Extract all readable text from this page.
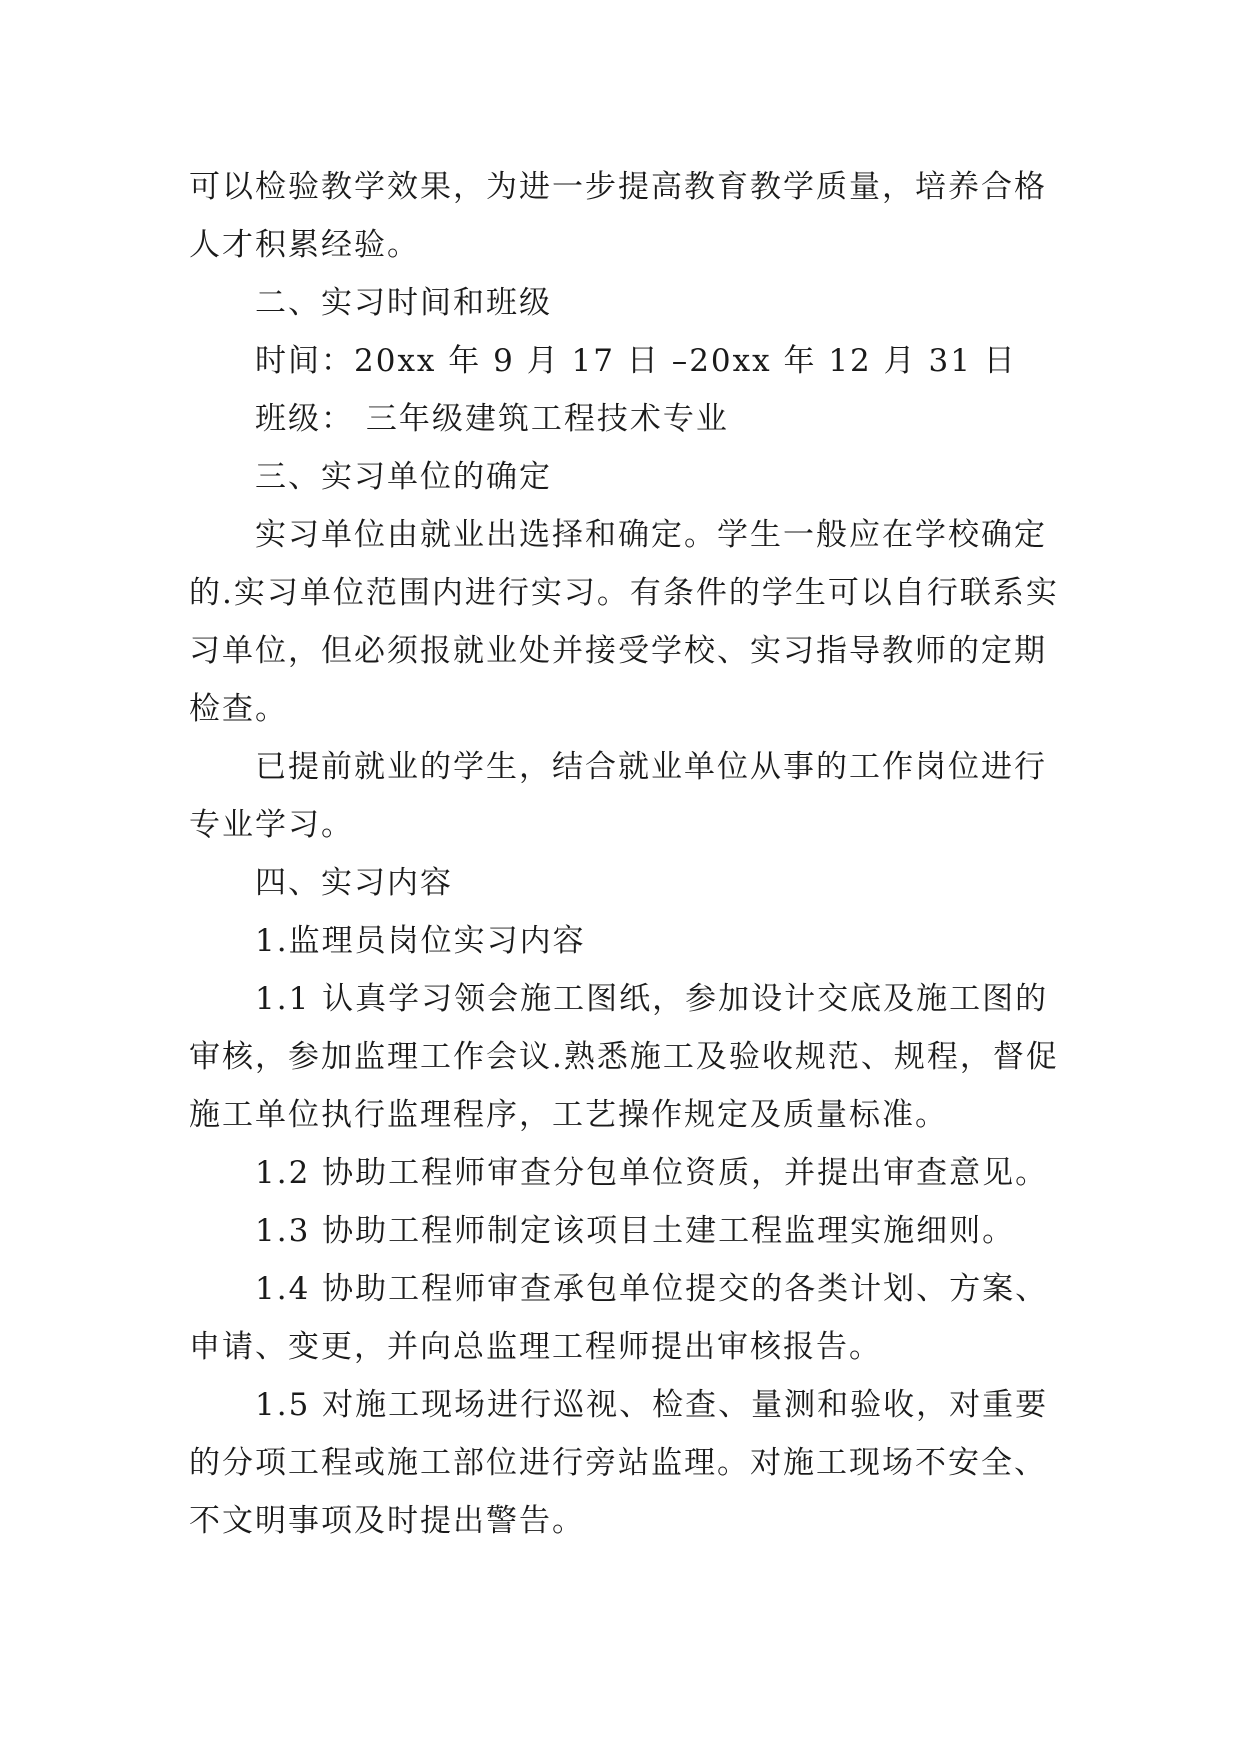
可以检验教学效果，为进一步提高教育教学质量，培养合格人才积累经验。

二、实习时间和班级

时间：20xx 年 9 月 17 日 –20xx 年 12 月 31 日

班级： 三年级建筑工程技术专业

三、实习单位的确定

实习单位由就业出选择和确定。学生一般应在学校确定的.实习单位范围内进行实习。有条件的学生可以自行联系实习单位，但必须报就业处并接受学校、实习指导教师的定期检查。

已提前就业的学生，结合就业单位从事的工作岗位进行专业学习。

四、实习内容

1.监理员岗位实习内容

1.1 认真学习领会施工图纸，参加设计交底及施工图的审核，参加监理工作会议.熟悉施工及验收规范、规程，督促施工单位执行监理程序，工艺操作规定及质量标准。

1.2 协助工程师审查分包单位资质，并提出审查意见。

1.3 协助工程师制定该项目土建工程监理实施细则。

1.4 协助工程师审查承包单位提交的各类计划、方案、申请、变更，并向总监理工程师提出审核报告。

1.5 对施工现场进行巡视、检查、量测和验收，对重要的分项工程或施工部位进行旁站监理。对施工现场不安全、不文明事项及时提出警告。
